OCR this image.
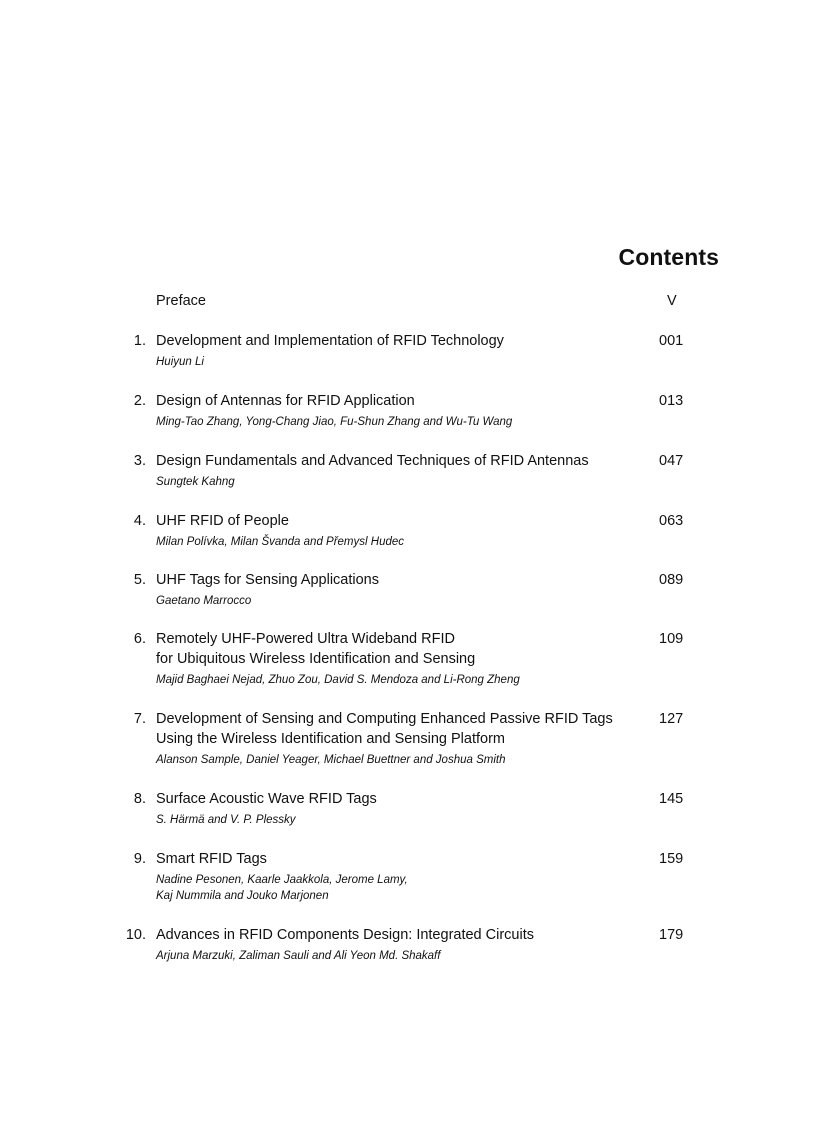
Contents
Preface	V
1. Development and Implementation of RFID Technology
Huiyun Li
001
2. Design of Antennas for RFID Application
Ming-Tao Zhang, Yong-Chang Jiao, Fu-Shun Zhang and Wu-Tu Wang
013
3. Design Fundamentals and Advanced Techniques of RFID Antennas
Sungtek Kahng
047
4. UHF RFID of People
Milan Polívka, Milan Švanda and Přemysl Hudec
063
5. UHF Tags for Sensing Applications
Gaetano Marrocco
089
6. Remotely UHF-Powered Ultra Wideband RFID
for Ubiquitous Wireless Identification and Sensing
Majid Baghaei Nejad, Zhuo Zou, David S. Mendoza and Li-Rong Zheng
109
7. Development of Sensing and Computing Enhanced Passive RFID Tags
Using the Wireless Identification and Sensing Platform
Alanson Sample, Daniel Yeager, Michael Buettner and Joshua Smith
127
8. Surface Acoustic Wave RFID Tags
S. Härmä and V. P. Plessky
145
9. Smart RFID Tags
Nadine Pesonen, Kaarle Jaakkola, Jerome Lamy,
Kaj Nummila and Jouko Marjonen
159
10. Advances in RFID Components Design: Integrated Circuits
Arjuna Marzuki, Zaliman Sauli and Ali Yeon Md. Shakaff
179
